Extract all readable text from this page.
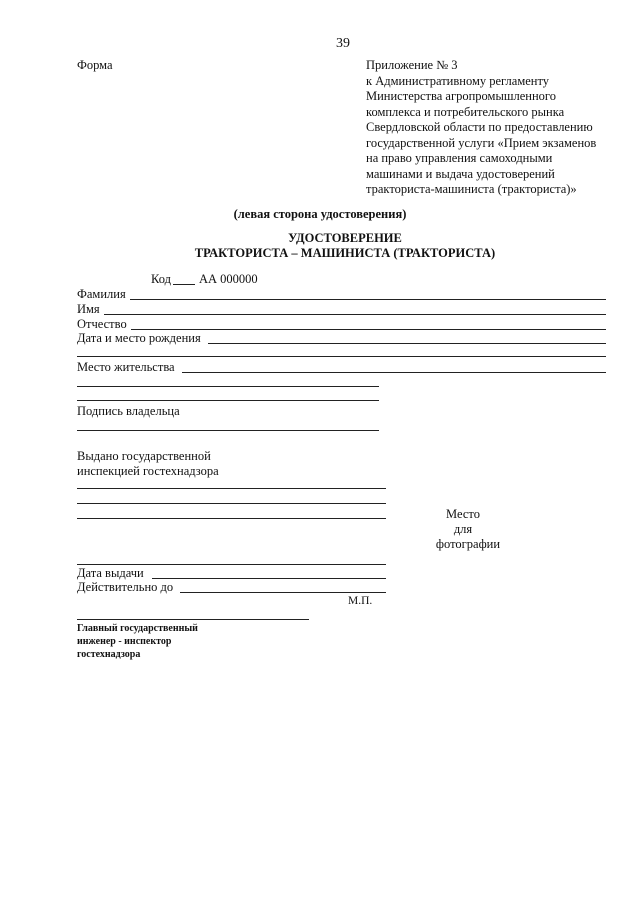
39
Форма	Приложение № 3
к Административному регламенту
Министерства агропромышленного
комплекса и потребительского рынка
Свердловской области по предоставлению
государственной услуги «Прием экзаменов
на право управления самоходными
машинами и выдача удостоверений
тракториста-машиниста (тракториста)»
(левая сторона удостоверения)
УДОСТОВЕРЕНИЕ
ТРАКТОРИСТА – МАШИНИСТА (ТРАКТОРИСТА)
Код АА 000000
Фамилия
Имя
Отчество
Дата и место рождения
Место жительства
Подпись владельца
Выдано государственной
инспекцией гостехнадзора
Место
для
фотографии
Дата выдачи
Действительно до
М.П.
Главный государственный
инженер - инспектор
гостехнадзора
